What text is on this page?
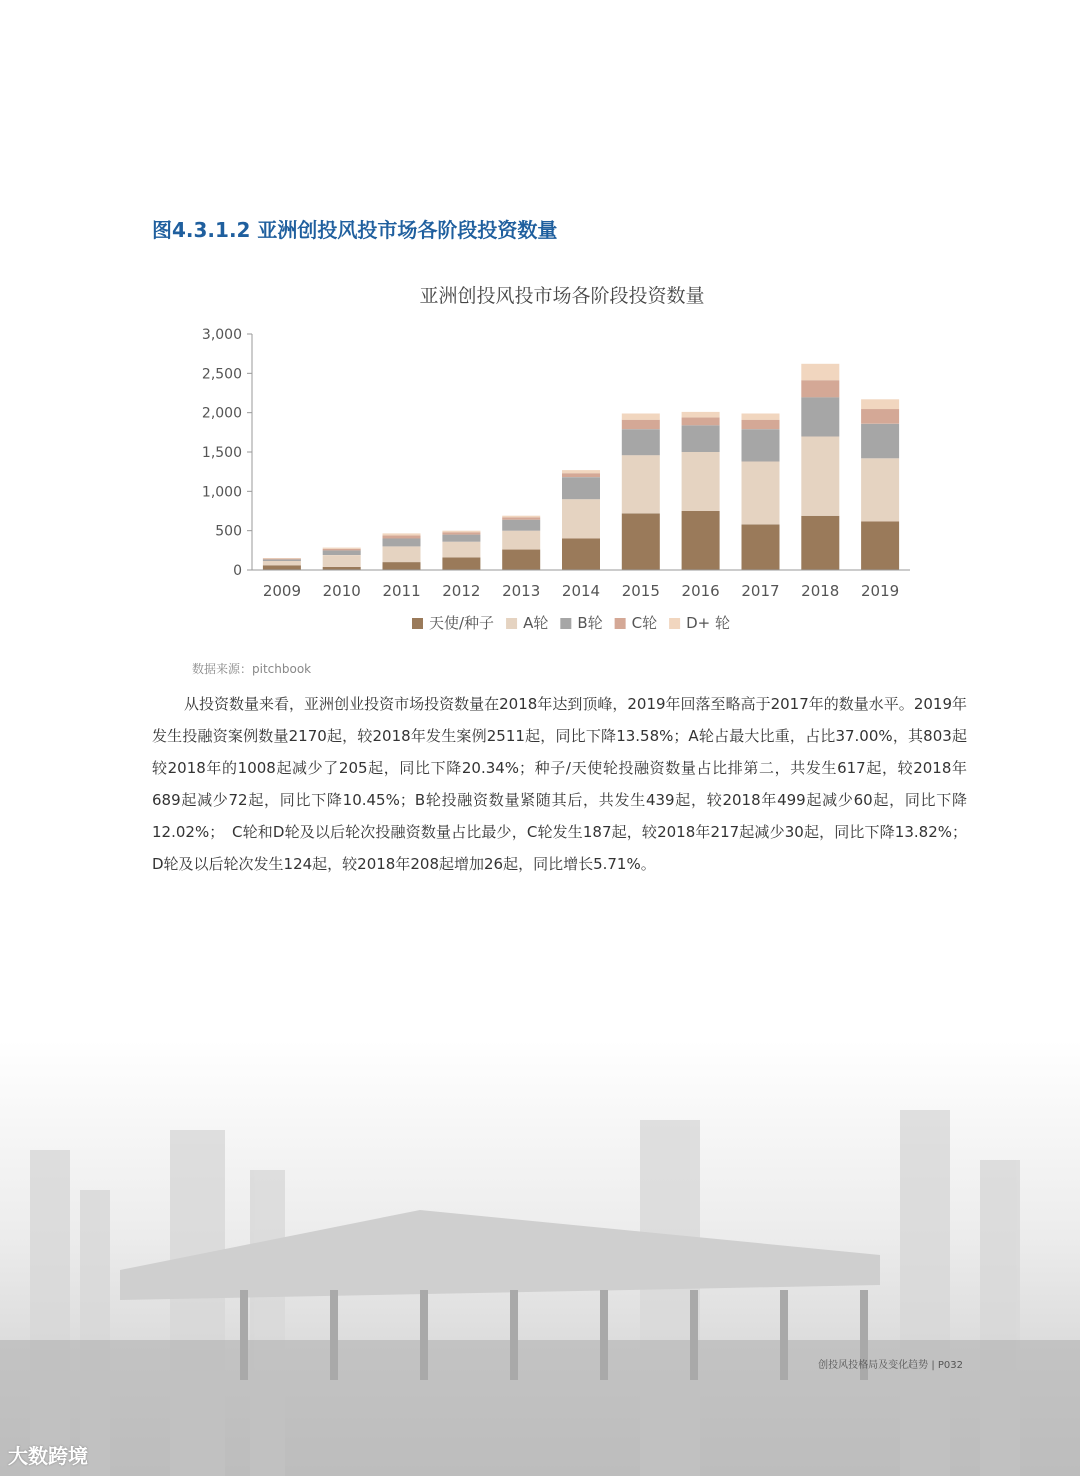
图4.3.1.2 亚洲创投风投市场各阶段投资数量
亚洲创投风投市场各阶段投资数量
0
500
1,000
1,500
2,000
2,500
3,000
2009 2010 2011 2012 2013 2014 2015 2016 2017 2018 2019
天使/种子 A轮 B轮 C轮 D+ 轮
数据来源：pitchbook
从投资数量来看，亚洲创业投资市场投资数量在2018年达到顶峰，2019年回落至略高于2017年的数量水平。2019年发生投融资案例数量2170起，较2018年发生案例2511起，同比下降13.58%；A轮占最大比重，占比37.00%，其803起较2018年的1008起减少了205起，同比下降20.34%；种子/天使轮投融资数量占比排第二，共发生617起，较2018年689起减少72起，同比下降10.45%；B轮投融资数量紧随其后，共发生439起，较2018年499起减少60起，同比下降12.02%；　C轮和D轮及以后轮次投融资数量占比最少，C轮发生187起，较2018年217起减少30起，同比下降13.82%；D轮及以后轮次发生124起，较2018年208起增加26起，同比增长5.71%。
创投风投格局及变化趋势 | P032
大数跨境
